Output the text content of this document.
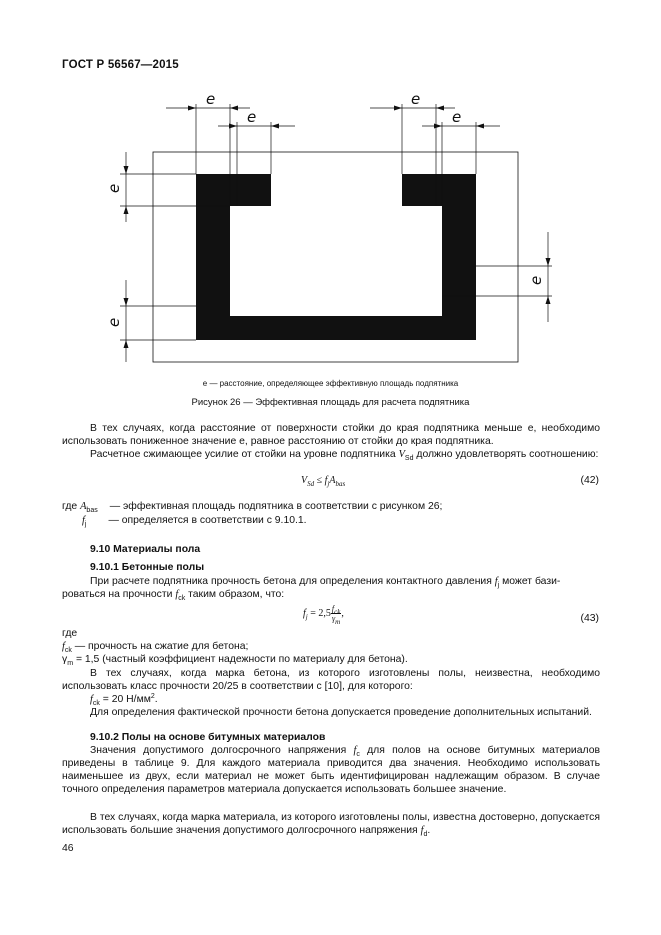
ГОСТ Р 56567—2015
e
e
e
e
e
e
e
e — расстояние, определяющее эффективную площадь подпятника
Рисунок 26 — Эффективная площадь для расчета подпятника
В тех случаях, когда расстояние от поверхности стойки до края подпятника меньше e, необходимо использовать пониженное значение e, равное расстоянию от стойки до края подпятника.
Расчетное сжимающее усилие от стойки на уровне подпятника $V_{Sd}$ должно удовлетворять соотношению:
$V_{Sd} \le f_jA_{bas}$	(42)
где $A_{bas}$ — эффективная площадь подпятника в соответствии с рисунком 26;
$f_j$ — определяется в соответствии с 9.10.1.
9.10 Материалы пола
9.10.1 Бетонные полы
При расчете подпятника прочность бетона для определения контактного давления $f_j$ может бази-
роваться на прочности $f_{ck}$ таким образом, что:
$f_j = 2,5 \frac{f_{ck}}{\gamma_m}$ ,	(43)
где
$f_{ck}$ — прочность на сжатие для бетона;
$\gamma_m = 1,5$ (частный коэффициент надежности по материалу для бетона).
В тех случаях, когда марка бетона, из которого изготовлены полы, неизвестна, необходимо использовать класс прочности 20/25 в соответствии с [10], для которого:
$f_{ck} = 20$ $Н/мм^2$.
Для определения фактической прочности бетона допускается проведение дополнительных испытаний.
9.10.2 Полы на основе битумных материалов
Значения допустимого долгосрочного напряжения $f_c$ для полов на основе битумных материалов приведены в таблице 9. Для каждого материала приводится два значения. Необходимо использовать наименьшее из двух, если материал не может быть идентифицирован надлежащим образом. В случае точного определения параметров материала допускается использовать большее значение.
В тех случаях, когда марка материала, из которого изготовлены полы, известна достоверно, допускается использовать большие значения допустимого долгосрочного напряжения $f_d$.
46
